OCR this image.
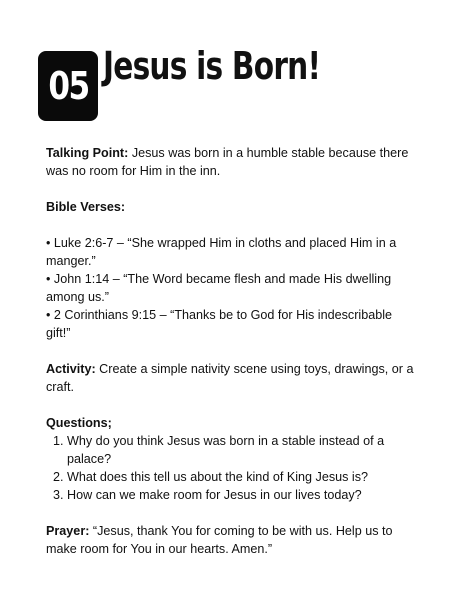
05 Jesus is Born!

Talking Point: Jesus was born in a humble stable because there was no room for Him in the inn.

Bible Verses:

• Luke 2:6-7 – “She wrapped Him in cloths and placed Him in a manger.”

• John 1:14 – “The Word became flesh and made His dwelling among us.”

• 2 Corinthians 9:15 – “Thanks be to God for His indescribable gift!”

Activity: Create a simple nativity scene using toys, drawings, or a craft.

Questions;

1. Why do you think Jesus was born in a stable instead of a palace?
2. What does this tell us about the kind of King Jesus is?
3. How can we make room for Jesus in our lives today?

Prayer: “Jesus, thank You for coming to be with us. Help us to make room for You in our hearts. Amen.”
